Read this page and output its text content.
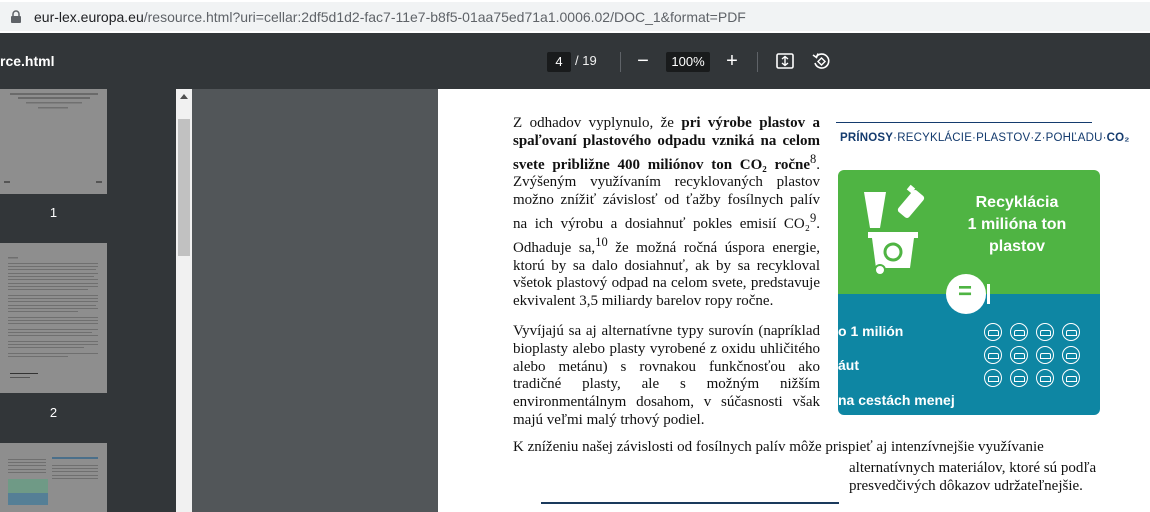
eur-lex.europa.eu/resource.html?uri=cellar:2df5d1d2-fac7-11e7-b8f5-01aa75ed71a1.0006.02/DOC_1&format=PDF
rce.html	4 / 19	−	100%	+
1
2

Z odhadov vyplynulo, že pri výrobe plastov a spaľovaní plastového odpadu vzniká na celom svete približne 400 miliónov ton CO₂ ročne$^8$. Zvýšeným využívaním recyklovaných plastov možno znížiť závislosť od ťažby fosílnych palív na ich výrobu a dosiahnuť pokles emisií CO₂$^9$. Odhaduje sa,$^{10}$ že možná ročná úspora energie, ktorú by sa dalo dosiahnuť, ak by sa recykloval všetok plastový odpad na celom svete, predstavuje ekvivalent 3,5 miliardy barelov ropy ročne.

Vyvíjajú sa aj alternatívne typy surovín (napríklad bioplasty alebo plasty vyrobené z oxidu uhličitého alebo metánu) s rovnakou funkčnosťou ako tradičné plasty, ale s možným nižším environmentálnym dosahom, v súčasnosti však majú veľmi malý trhový podiel.

K zníženiu našej závislosti od fosílnych palív môže prispieť aj intenzívnejšie využívanie
alternatívnych materiálov, ktoré sú podľa presvedčivých dôkazov udržateľnejšie.
PRÍNOSY·RECYKLÁCIE·PLASTOV·Z·POHĽADU·CO₂
Recyklácia
1 milióna ton
plastov
=
o 1 milión
áut
na cestách menej
